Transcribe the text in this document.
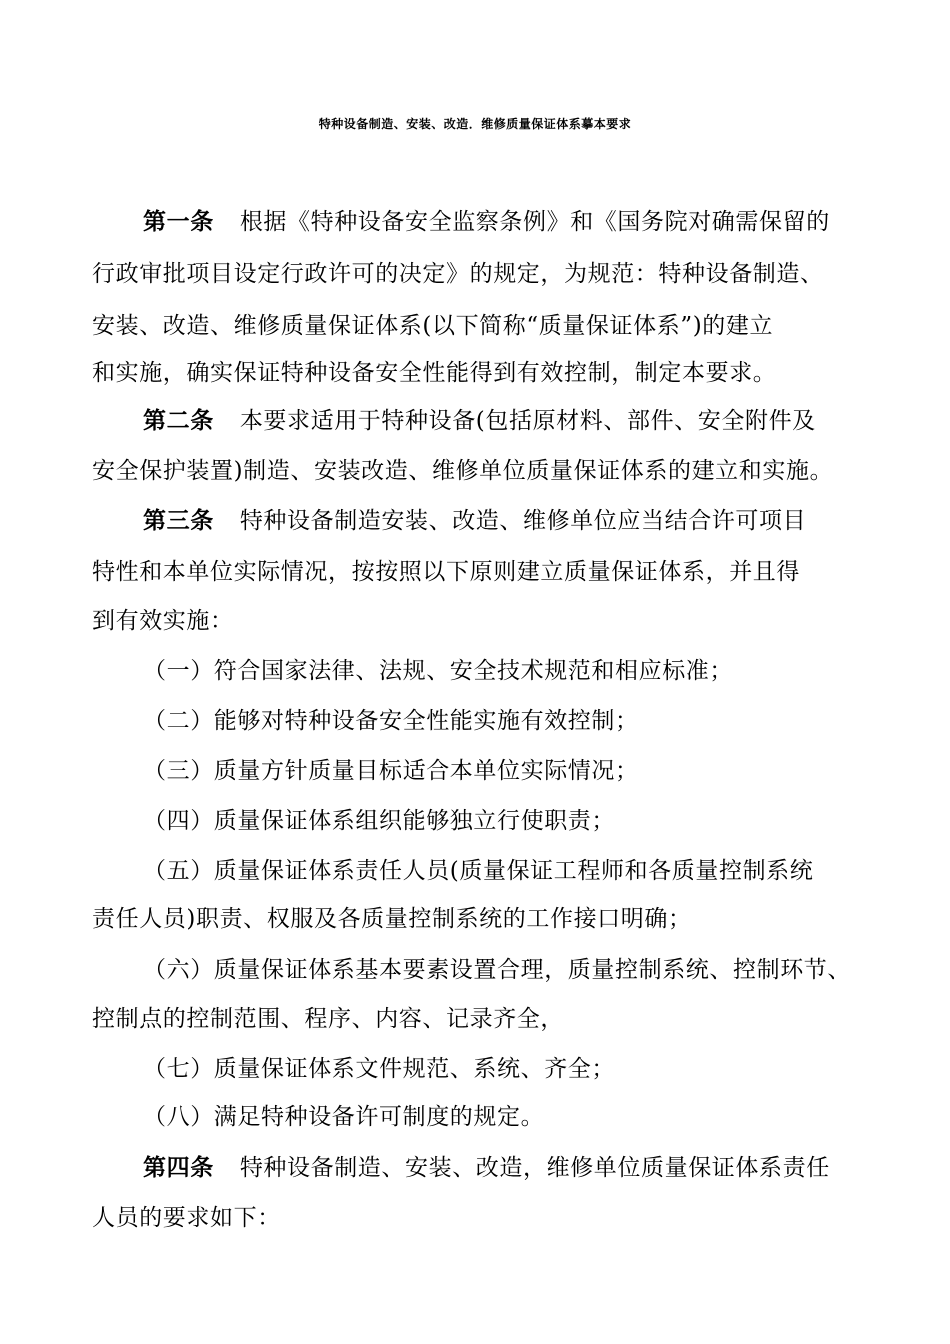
特种设备制造、安装、改造．维修质量保证体系摹本要求
第一条 根据《特种设备安全监察条例》和《国务院对确需保留的
行政审批项目设定行政许可的决定》的规定，为规范：特种设备制造、
安装、改造、维修质量保证体系(以下简称“质量保证体系”)的建立
和实施，确实保证特种设备安全性能得到有效控制，制定本要求。
第二条 本要求适用于特种设备(包括原材料、部件、安全附件及
安全保护装置)制造、安装改造、维修单位质量保证体系的建立和实施。
第三条 特种设备制造安装、改造、维修单位应当结合许可项目
特性和本单位实际情况，按按照以下原则建立质量保证体系，并且得
到有效实施：
（一）符合国家法律、法规、安全技术规范和相应标准；
（二）能够对特种设备安全性能实施有效控制；
（三）质量方针质量目标适合本单位实际情况；
（四）质量保证体系组织能够独立行使职责；
（五）质量保证体系责任人员(质量保证工程师和各质量控制系统
责任人员)职责、权服及各质量控制系统的工作接口明确；
（六）质量保证体系基本要素设置合理，质量控制系统、控制环节、
控制点的控制范围、程序、内容、记录齐全，
（七）质量保证体系文件规范、系统、齐全；
（八）满足特种设备许可制度的规定。
第四条 特种设备制造、安装、改造，维修单位质量保证体系责任
人员的要求如下：
